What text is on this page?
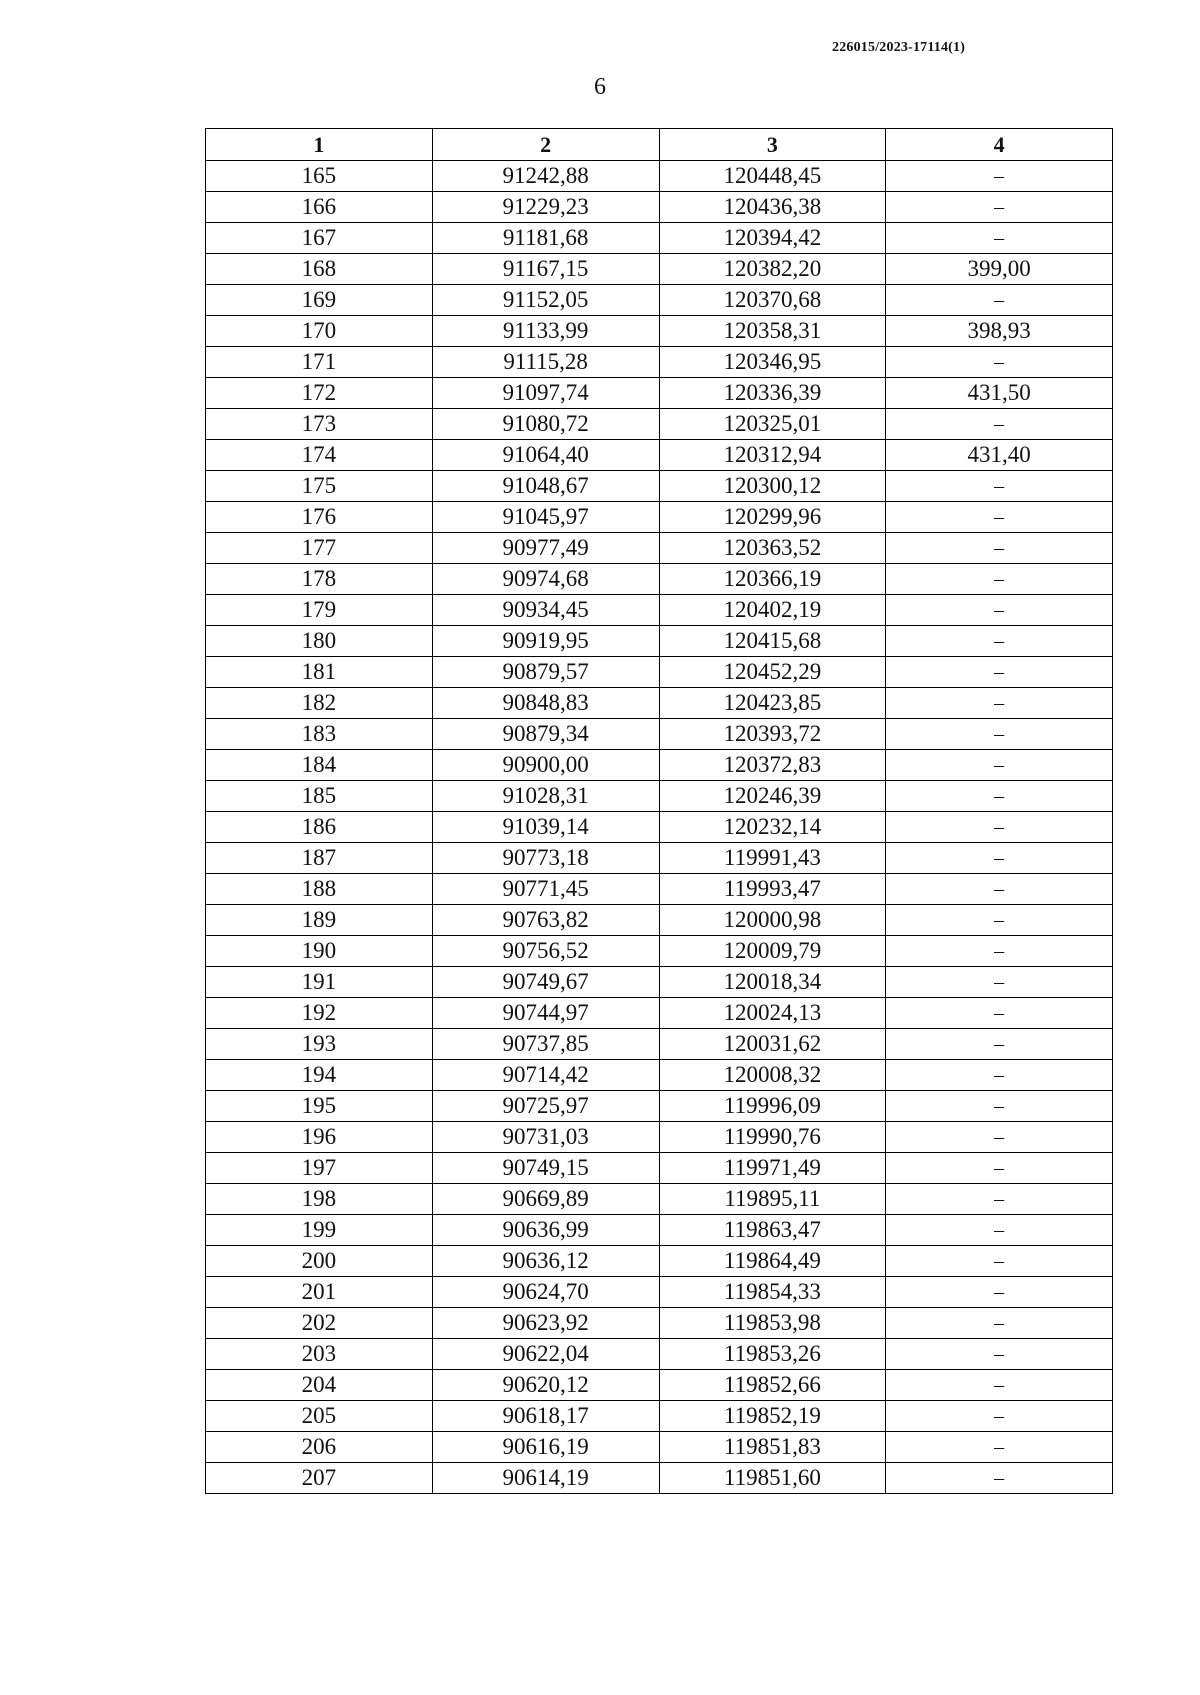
226015/2023-17114(1)
6
1	2	3	4
165	91242,88	120448,45	–
166	91229,23	120436,38	–
167	91181,68	120394,42	–
168	91167,15	120382,20	399,00
169	91152,05	120370,68	–
170	91133,99	120358,31	398,93
171	91115,28	120346,95	–
172	91097,74	120336,39	431,50
173	91080,72	120325,01	–
174	91064,40	120312,94	431,40
175	91048,67	120300,12	–
176	91045,97	120299,96	–
177	90977,49	120363,52	–
178	90974,68	120366,19	–
179	90934,45	120402,19	–
180	90919,95	120415,68	–
181	90879,57	120452,29	–
182	90848,83	120423,85	–
183	90879,34	120393,72	–
184	90900,00	120372,83	–
185	91028,31	120246,39	–
186	91039,14	120232,14	–
187	90773,18	119991,43	–
188	90771,45	119993,47	–
189	90763,82	120000,98	–
190	90756,52	120009,79	–
191	90749,67	120018,34	–
192	90744,97	120024,13	–
193	90737,85	120031,62	–
194	90714,42	120008,32	–
195	90725,97	119996,09	–
196	90731,03	119990,76	–
197	90749,15	119971,49	–
198	90669,89	119895,11	–
199	90636,99	119863,47	–
200	90636,12	119864,49	–
201	90624,70	119854,33	–
202	90623,92	119853,98	–
203	90622,04	119853,26	–
204	90620,12	119852,66	–
205	90618,17	119852,19	–
206	90616,19	119851,83	–
207	90614,19	119851,60	–
